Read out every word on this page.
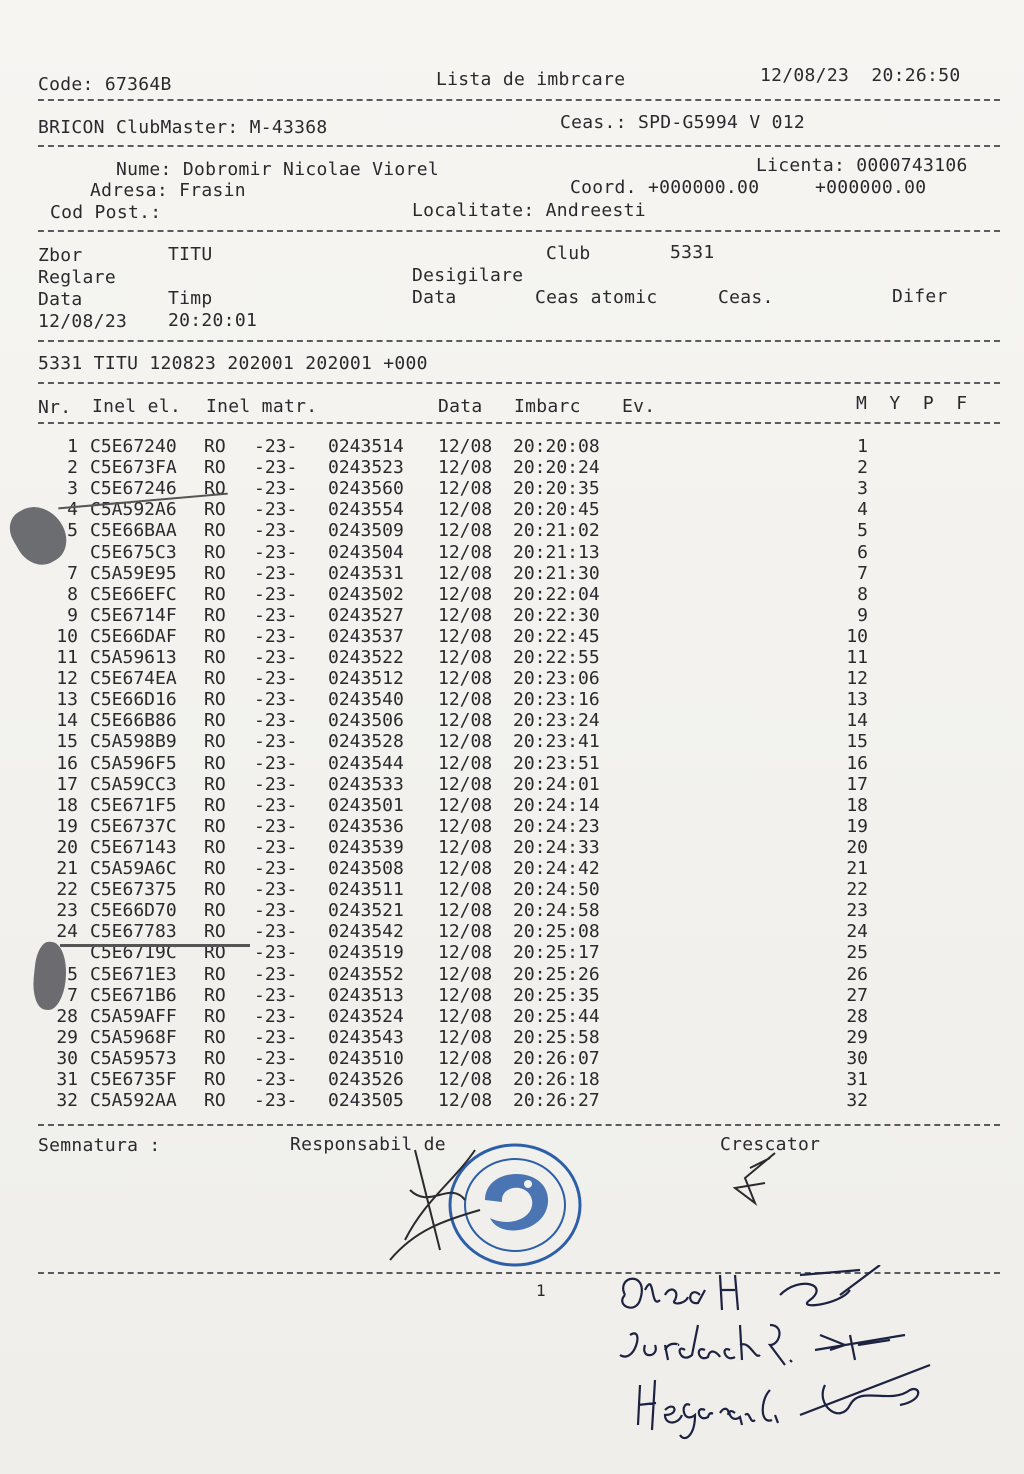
Code: 67364B	Lista de imbrcare	12/08/23  20:26:50
BRICON ClubMaster: M-43368	Ceas.: SPD-G5994 V 012
Nume: Dobromir Nicolae Viorel	Licenta: 0000743106
Adresa: Frasin	Coord. +000000.00     +000000.00
Cod Post.:	Localitate: Andreesti
Zbor	TITU	Club	5331
Reglare	Desigilare
Data	Timp	Data	Ceas atomic	Ceas.	Difer
12/08/23 20:20:01
5331 TITU 120823 202001 202001 +000
Nr. Inel el. Inel matr.	Data Imbarc Ev.	M  Y  P  F
1 C5E67240 RO -23- 0243514 12/08 20:20:08	1
2 C5E673FA RO -23- 0243523 12/08 20:20:24	2
3 C5E67246 RO -23- 0243560 12/08 20:20:35	3
4 C5A592A6 RO -23- 0243554 12/08 20:20:45	4
5 C5E66BAA RO -23- 0243509 12/08 20:21:02	5
C5E675C3 RO -23- 0243504 12/08 20:21:13	6
7 C5A59E95 RO -23- 0243531 12/08 20:21:30	7
8 C5E66EFC RO -23- 0243502 12/08 20:22:04	8
9 C5E6714F RO -23- 0243527 12/08 20:22:30	9
10 C5E66DAF RO -23- 0243537 12/08 20:22:45	10
11 C5A59613 RO -23- 0243522 12/08 20:22:55	11
12 C5E674EA RO -23- 0243512 12/08 20:23:06	12
13 C5E66D16 RO -23- 0243540 12/08 20:23:16	13
14 C5E66B86 RO -23- 0243506 12/08 20:23:24	14
15 C5A598B9 RO -23- 0243528 12/08 20:23:41	15
16 C5A596F5 RO -23- 0243544 12/08 20:23:51	16
17 C5A59CC3 RO -23- 0243533 12/08 20:24:01	17
18 C5E671F5 RO -23- 0243501 12/08 20:24:14	18
19 C5E6737C RO -23- 0243536 12/08 20:24:23	19
20 C5E67143 RO -23- 0243539 12/08 20:24:33	20
21 C5A59A6C RO -23- 0243508 12/08 20:24:42	21
22 C5E67375 RO -23- 0243511 12/08 20:24:50	22
23 C5E66D70 RO -23- 0243521 12/08 20:24:58	23
24 C5E67783 RO -23- 0243542 12/08 20:25:08	24
C5E6719C RO -23- 0243519 12/08 20:25:17	25
5 C5E671E3 RO -23- 0243552 12/08 20:25:26	26
7 C5E671B6 RO -23- 0243513 12/08 20:25:35	27
28 C5A59AFF RO -23- 0243524 12/08 20:25:44	28
29 C5A5968F RO -23- 0243543 12/08 20:25:58	29
30 C5A59573 RO -23- 0243510 12/08 20:26:07	30
31 C5E6735F RO -23- 0243526 12/08 20:26:18	31
32 C5A592AA RO -23- 0243505 12/08 20:26:27	32
Semnatura :	Responsabil de	Crescator
1
